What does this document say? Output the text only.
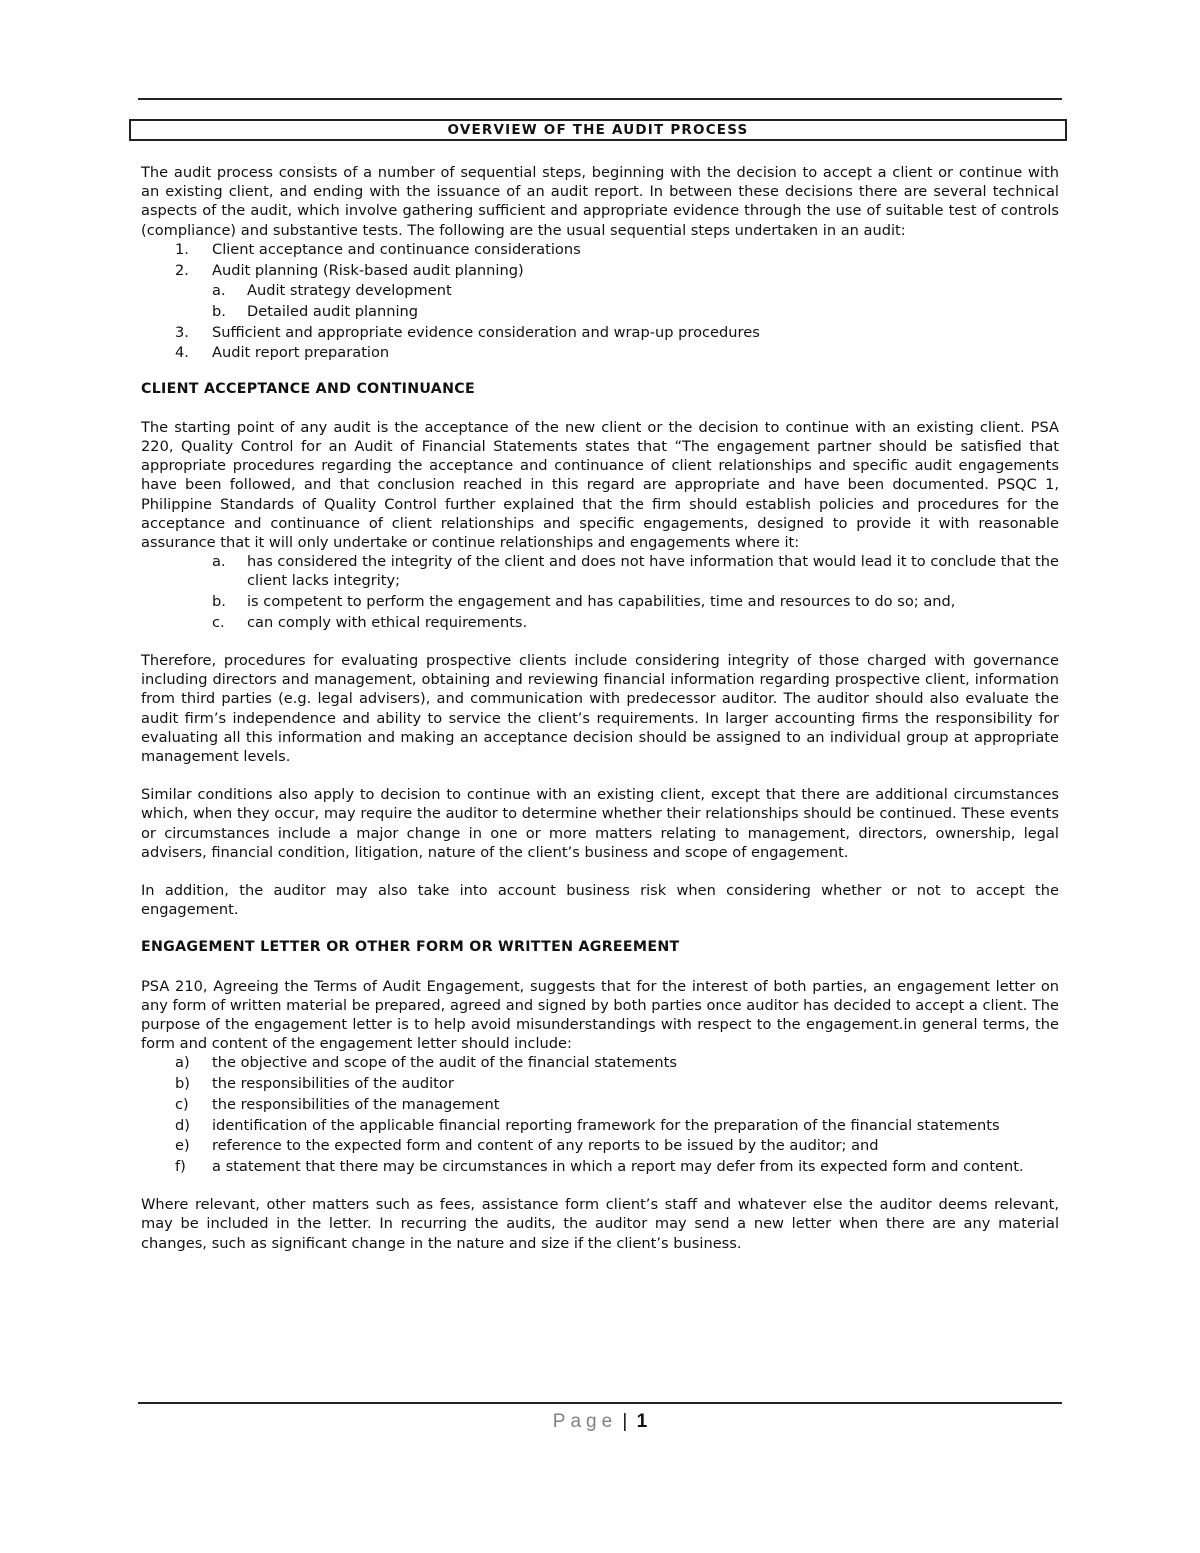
OVERVIEW OF THE AUDIT PROCESS

The audit process consists of a number of sequential steps, beginning with the decision to accept a client or continue with an existing client, and ending with the issuance of an audit report. In between these decisions there are several technical aspects of the audit, which involve gathering sufficient and appropriate evidence through the use of suitable test of controls (compliance) and substantive tests. The following are the usual sequential steps undertaken in an audit:

1. Client acceptance and continuance considerations
2. Audit planning (Risk-based audit planning)
a. Audit strategy development
b. Detailed audit planning
3. Sufficient and appropriate evidence consideration and wrap-up procedures
4. Audit report preparation
CLIENT ACCEPTANCE AND CONTINUANCE

The starting point of any audit is the acceptance of the new client or the decision to continue with an existing client. PSA 220, Quality Control for an Audit of Financial Statements states that “The engagement partner should be satisfied that appropriate procedures regarding the acceptance and continuance of client relationships and specific audit engagements have been followed, and that conclusion reached in this regard are appropriate and have been documented. PSQC 1, Philippine Standards of Quality Control further explained that the firm should establish policies and procedures for the acceptance and continuance of client relationships and specific engagements, designed to provide it with reasonable assurance that it will only undertake or continue relationships and engagements where it:

a. has considered the integrity of the client and does not have information that would lead it to conclude that the client lacks integrity;
b. is competent to perform the engagement and has capabilities, time and resources to do so; and,
c. can comply with ethical requirements.

Therefore, procedures for evaluating prospective clients include considering integrity of those charged with governance including directors and management, obtaining and reviewing financial information regarding prospective client, information from third parties (e.g. legal advisers), and communication with predecessor auditor. The auditor should also evaluate the audit firm’s independence and ability to service the client’s requirements. In larger accounting firms the responsibility for evaluating all this information and making an acceptance decision should be assigned to an individual group at appropriate management levels.

Similar conditions also apply to decision to continue with an existing client, except that there are additional circumstances which, when they occur, may require the auditor to determine whether their relationships should be continued. These events or circumstances include a major change in one or more matters relating to management, directors, ownership, legal advisers, financial condition, litigation, nature of the client’s business and scope of engagement.

In addition, the auditor may also take into account business risk when considering whether or not to accept the engagement.

ENGAGEMENT LETTER OR OTHER FORM OR WRITTEN AGREEMENT

PSA 210, Agreeing the Terms of Audit Engagement, suggests that for the interest of both parties, an engagement letter on any form of written material be prepared, agreed and signed by both parties once auditor has decided to accept a client. The purpose of the engagement letter is to help avoid misunderstandings with respect to the engagement.in general terms, the form and content of the engagement letter should include:

a) the objective and scope of the audit of the financial statements
b) the responsibilities of the auditor
c) the responsibilities of the management
d) identification of the applicable financial reporting framework for the preparation of the financial statements
e) reference to the expected form and content of any reports to be issued by the auditor; and
f) a statement that there may be circumstances in which a report may defer from its expected form and content.

Where relevant, other matters such as fees, assistance form client’s staff and whatever else the auditor deems relevant, may be included in the letter. In recurring the audits, the auditor may send a new letter when there are any material changes, such as significant change in the nature and size if the client’s business.

Page | 1
